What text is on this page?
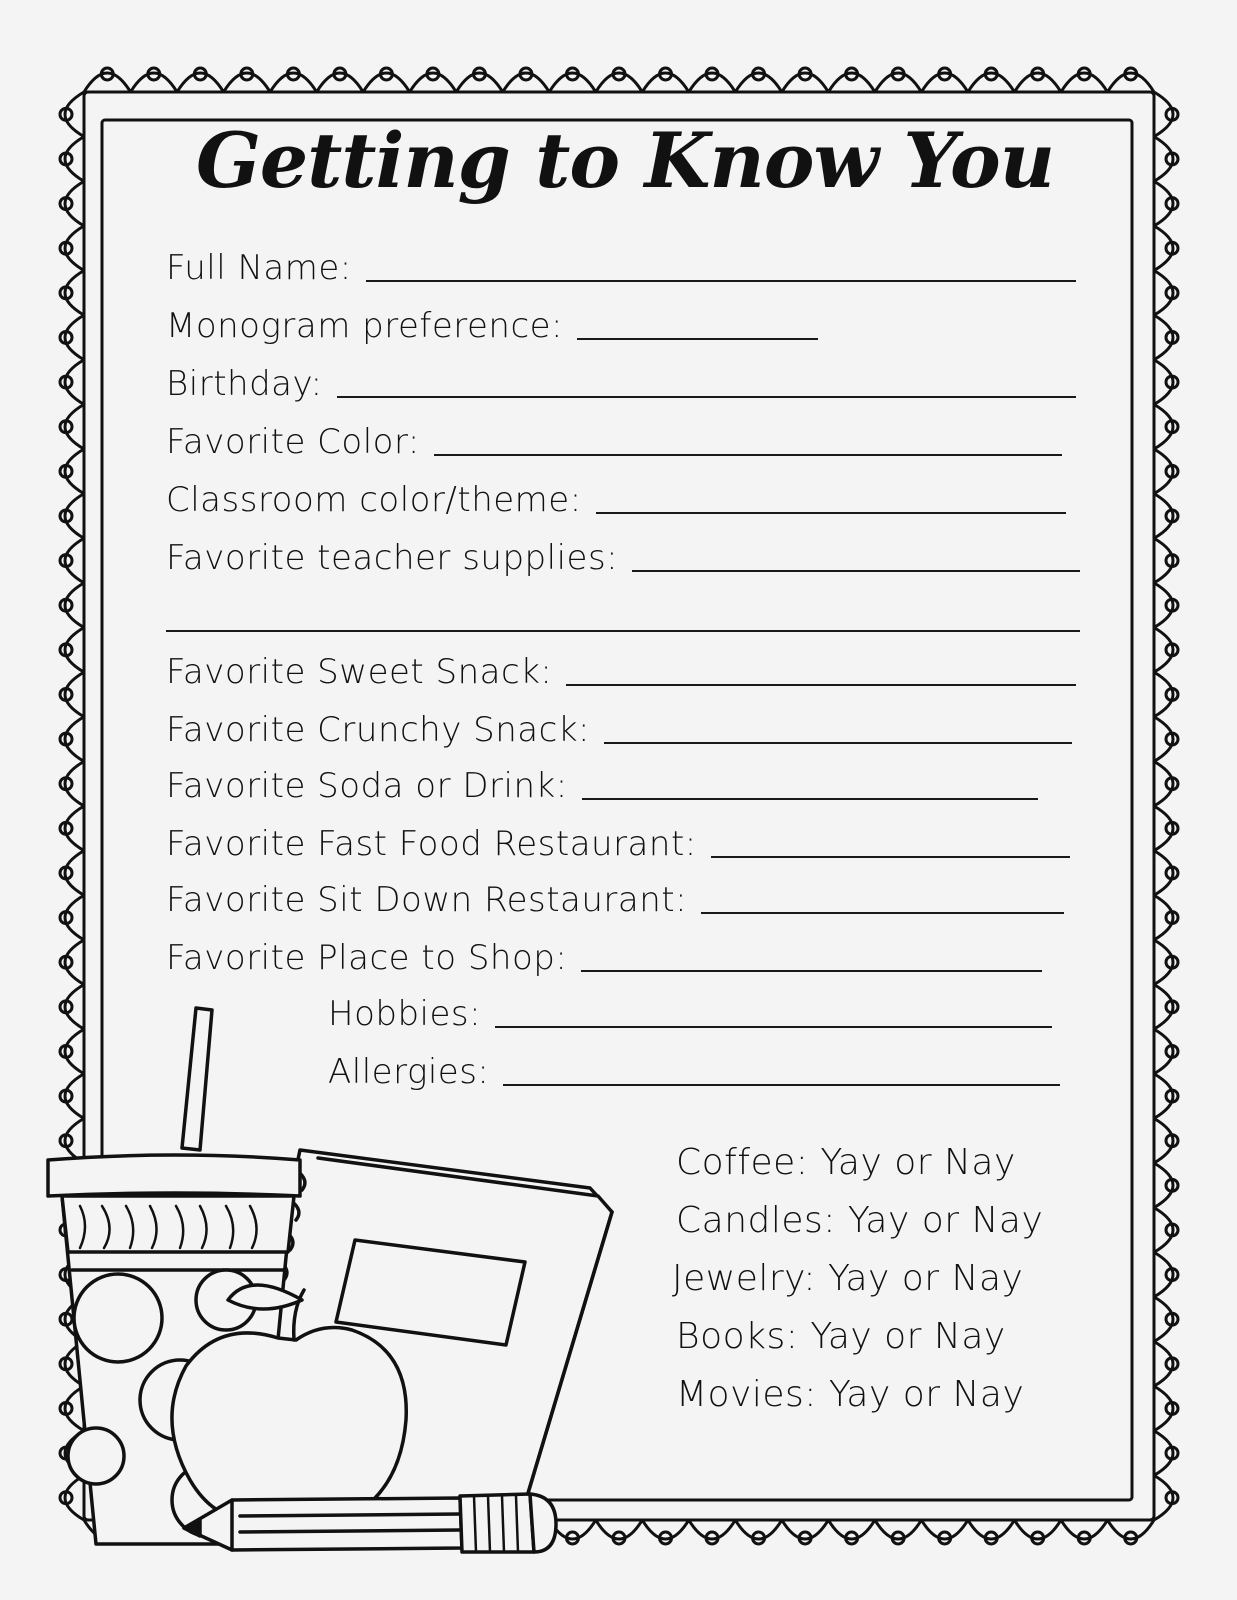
Getting to Know You
Full Name:
Monogram preference:
Birthday:
Favorite Color:
Classroom color/theme:
Favorite teacher supplies:
Favorite Sweet Snack:
Favorite Crunchy Snack:
Favorite Soda or Drink:
Favorite Fast Food Restaurant:
Favorite Sit Down Restaurant:
Favorite Place to Shop:
Hobbies:
Allergies:
Coffee: Yay or Nay
Candles: Yay or Nay
Jewelry: Yay or Nay
Books: Yay or Nay
Movies: Yay or Nay
